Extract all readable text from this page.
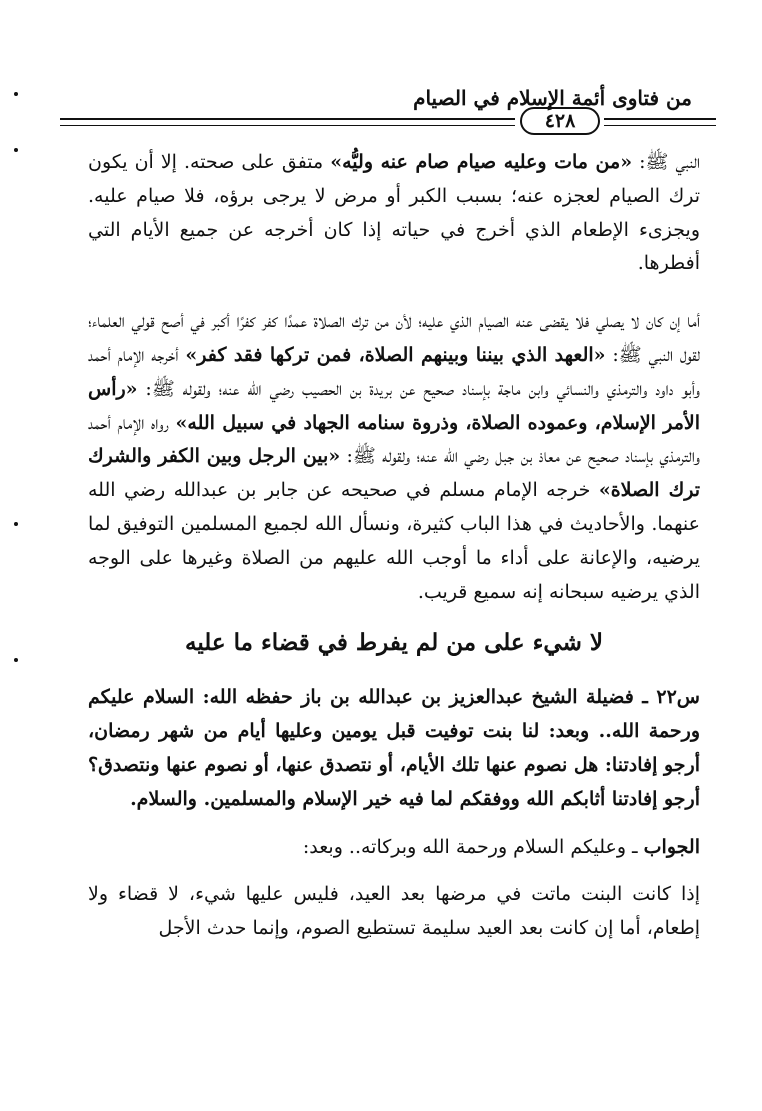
من فتاوى أئمة الإسلام في الصيام
٤٢٨

النبي ﷺ: «من مات وعليه صيام صام عنه وليُّه» متفق على صحته. إلا أن يكون ترك الصيام لعجزه عنه؛ بسبب الكبر أو مرض لا يرجى برؤه، فلا صيام عليه. ويجزىء الإطعام الذي أخرج في حياته إذا كان أخرجه عن جميع الأيام التي أفطرها.

أما إن كان لا يصلي فلا يقضى عنه الصيام الذي عليه؛ لأن من ترك الصلاة عمدًا كفر كفرًا أكبر في أصح قولي العلماء؛ لقول النبي ﷺ: «العهد الذي بيننا وبينهم الصلاة، فمن تركها فقد كفر» أخرجه الإمام أحمد وأبو داود والترمذي والنسائي وابن ماجة بإسناد صحيح عن بريدة بن الحصيب رضي الله عنه؛ ولقوله ﷺ: «رأس الأمر الإسلام، وعموده الصلاة، وذروة سنامه الجهاد في سبيل الله» رواه الإمام أحمد والترمذي بإسناد صحيح عن معاذ بن جبل رضي الله عنه؛ ولقوله ﷺ: «بين الرجل وبين الكفر والشرك ترك الصلاة» خرجه الإمام مسلم في صحيحه عن جابر بن عبدالله رضي الله عنهما. والأحاديث في هذا الباب كثيرة، ونسأل الله لجميع المسلمين التوفيق لما يرضيه، والإعانة على أداء ما أوجب الله عليهم من الصلاة وغيرها على الوجه الذي يرضيه سبحانه إنه سميع قريب.

لا شيء على من لم يفرط في قضاء ما عليه

س٢٢ ـ فضيلة الشيخ عبدالعزيز بن عبدالله بن باز حفظه الله: السلام عليكم ورحمة الله.. وبعد: لنا بنت توفيت قبل يومين وعليها أيام من شهر رمضان، أرجو إفادتنا: هل نصوم عنها تلك الأيام، أو نتصدق عنها، أو نصوم عنها ونتصدق؟ أرجو إفادتنا أثابكم الله ووفقكم لما فيه خير الإسلام والمسلمين. والسلام.

الجواب ـ وعليكم السلام ورحمة الله وبركاته.. وبعد:

إذا كانت البنت ماتت في مرضها بعد العيد، فليس عليها شيء، لا قضاء ولا إطعام، أما إن كانت بعد العيد سليمة تستطيع الصوم، وإنما حدث الأجل
